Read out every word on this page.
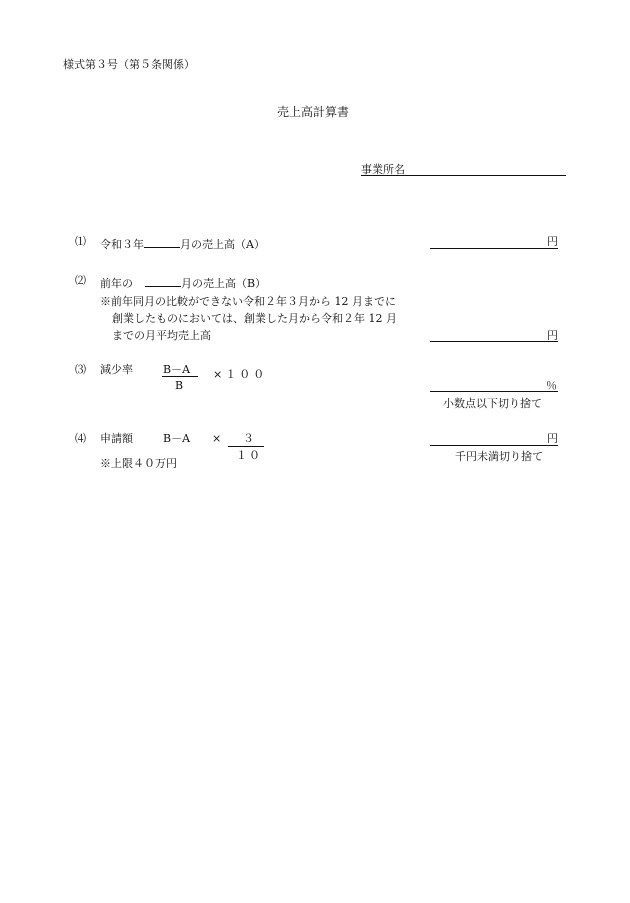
様式第３号（第５条関係）
売上高計算書
事業所名
⑴ 令和３年	月の売上高（A）	円
⑵ 前年の	月の売上高（B）
※前年同月の比較ができない令和２年３月から 12 月までに
創業したものにおいては、創業した月から令和２年 12 月
までの月平均売上高	円
⑶ 減少率	B－A
B
×１００
％
小数点以下切り捨て
⑷ 申請額	B－A × ３
１０
※上限４０万円
円
千円未満切り捨て
